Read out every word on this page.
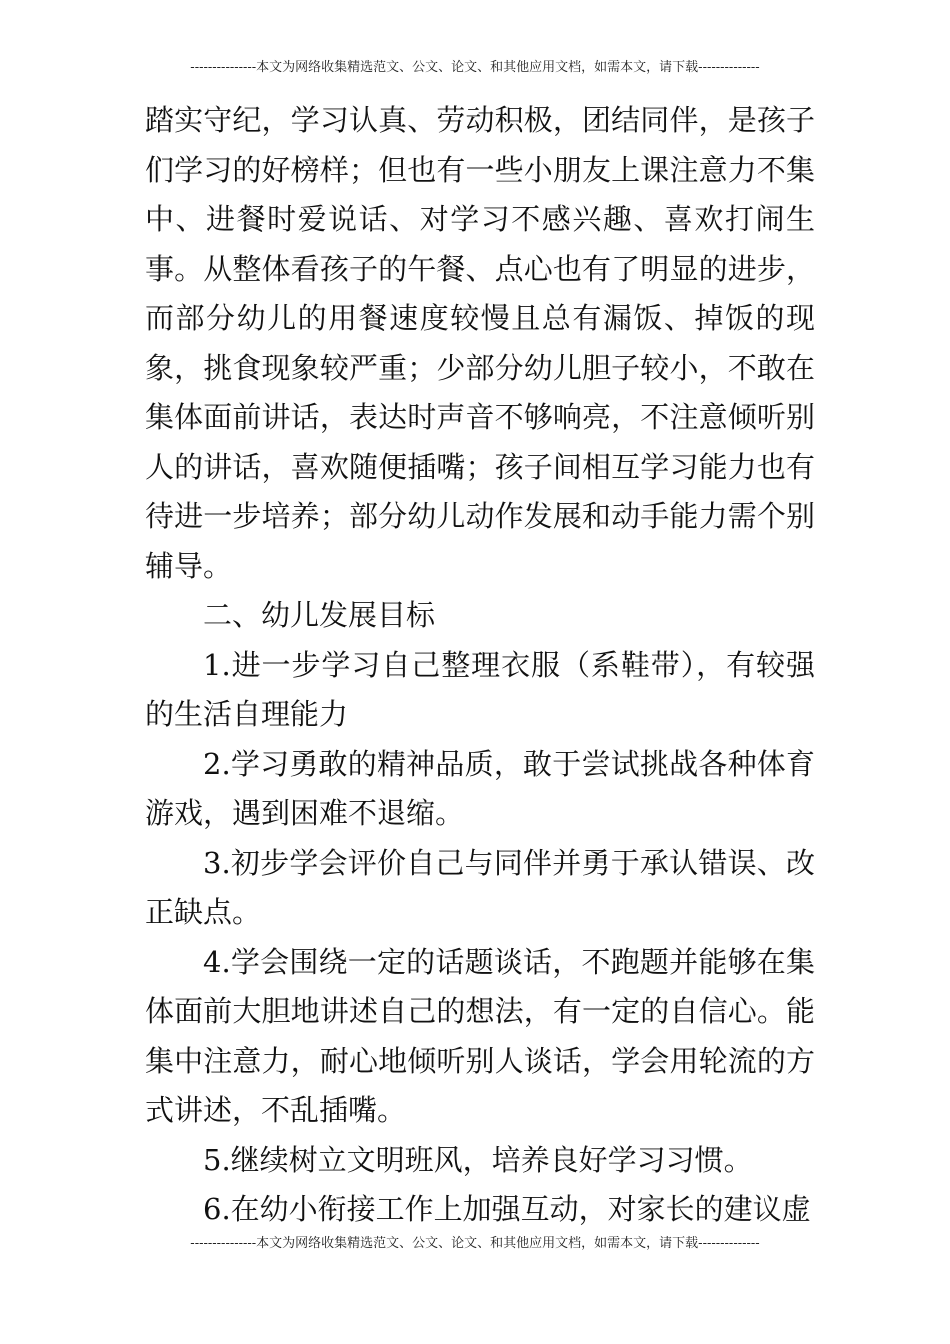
---------------本文为网络收集精选范文、公文、论文、和其他应用文档，如需本文，请下载--------------

踏实守纪，学习认真、劳动积极，团结同伴，是孩子们学习的好榜样；但也有一些小朋友上课注意力不集中、进餐时爱说话、对学习不感兴趣、喜欢打闹生事。从整体看孩子的午餐、点心也有了明显的进步，而部分幼儿的用餐速度较慢且总有漏饭、掉饭的现象，挑食现象较严重；少部分幼儿胆子较小，不敢在集体面前讲话，表达时声音不够响亮，不注意倾听别人的讲话，喜欢随便插嘴；孩子间相互学习能力也有待进一步培养；部分幼儿动作发展和动手能力需个别辅导。

二、幼儿发展目标

1.进一步学习自己整理衣服（系鞋带），有较强的生活自理能力

2.学习勇敢的精神品质，敢于尝试挑战各种体育游戏，遇到困难不退缩。

3.初步学会评价自己与同伴并勇于承认错误、改正缺点。

4.学会围绕一定的话题谈话，不跑题并能够在集体面前大胆地讲述自己的想法，有一定的自信心。能集中注意力，耐心地倾听别人谈话，学会用轮流的方式讲述，不乱插嘴。

5.继续树立文明班风，培养良好学习习惯。

6.在幼小衔接工作上加强互动，对家长的建议虚

---------------本文为网络收集精选范文、公文、论文、和其他应用文档，如需本文，请下载--------------
